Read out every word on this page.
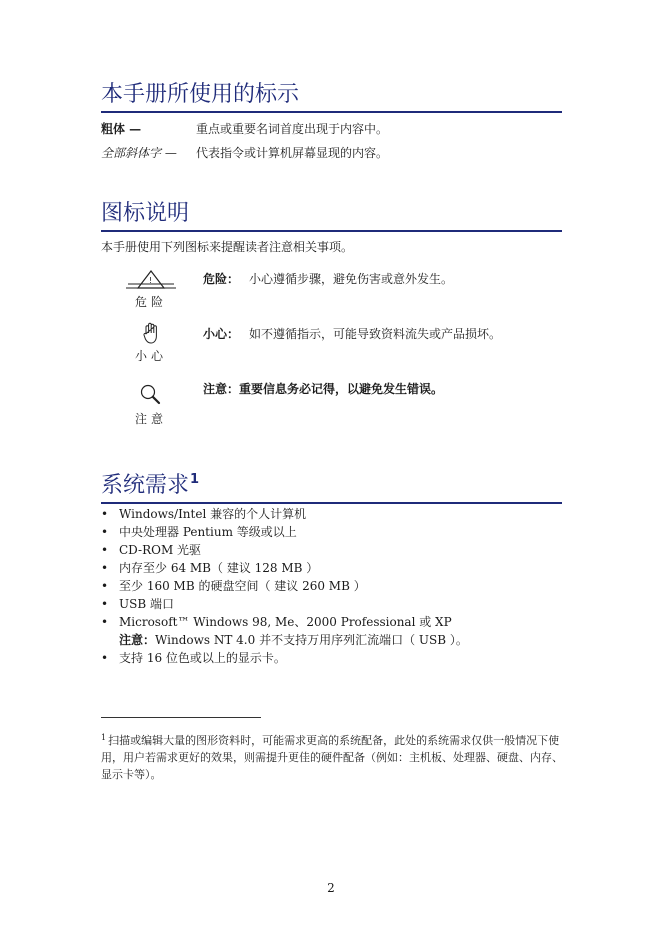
本手册所使用的标示
粗体 —	重点或重要名词首度出现于内容中。
全部斜体字 — 代表指令或计算机屏幕显现的内容。
图标说明
本手册使用下列图标来提醒读者注意相关事项。
!
危险
危险： 小心遵循步骤，避免伤害或意外发生。
小心
小心： 如不遵循指示，可能导致资料流失或产品损坏。
注意
注意：重要信息务必记得，以避免发生错误。
系统需求$^1$
• Windows/Intel 兼容的个人计算机
• 中央处理器 Pentium 等级或以上
• CD-ROM 光驱
• 内存至少 64 MB（ 建议 128 MB ）
• 至少 160 MB 的硬盘空间（ 建议 260 MB ）
• USB 端口
• Microsoft™ Windows 98, Me、2000 Professional 或 XP
• 支持 16 位色或以上的显示卡。
注意：Windows NT 4.0 并不支持万用序列汇流端口（ USB ）。
$^1$ 扫描或编辑大量的图形资料时，可能需求更高的系统配备，此处的系统需求仅供一般情况下使用，用户若需求更好的效果，则需提升更佳的硬件配备（例如：主机板、处理器、硬盘、内存、显示卡等）。
2
